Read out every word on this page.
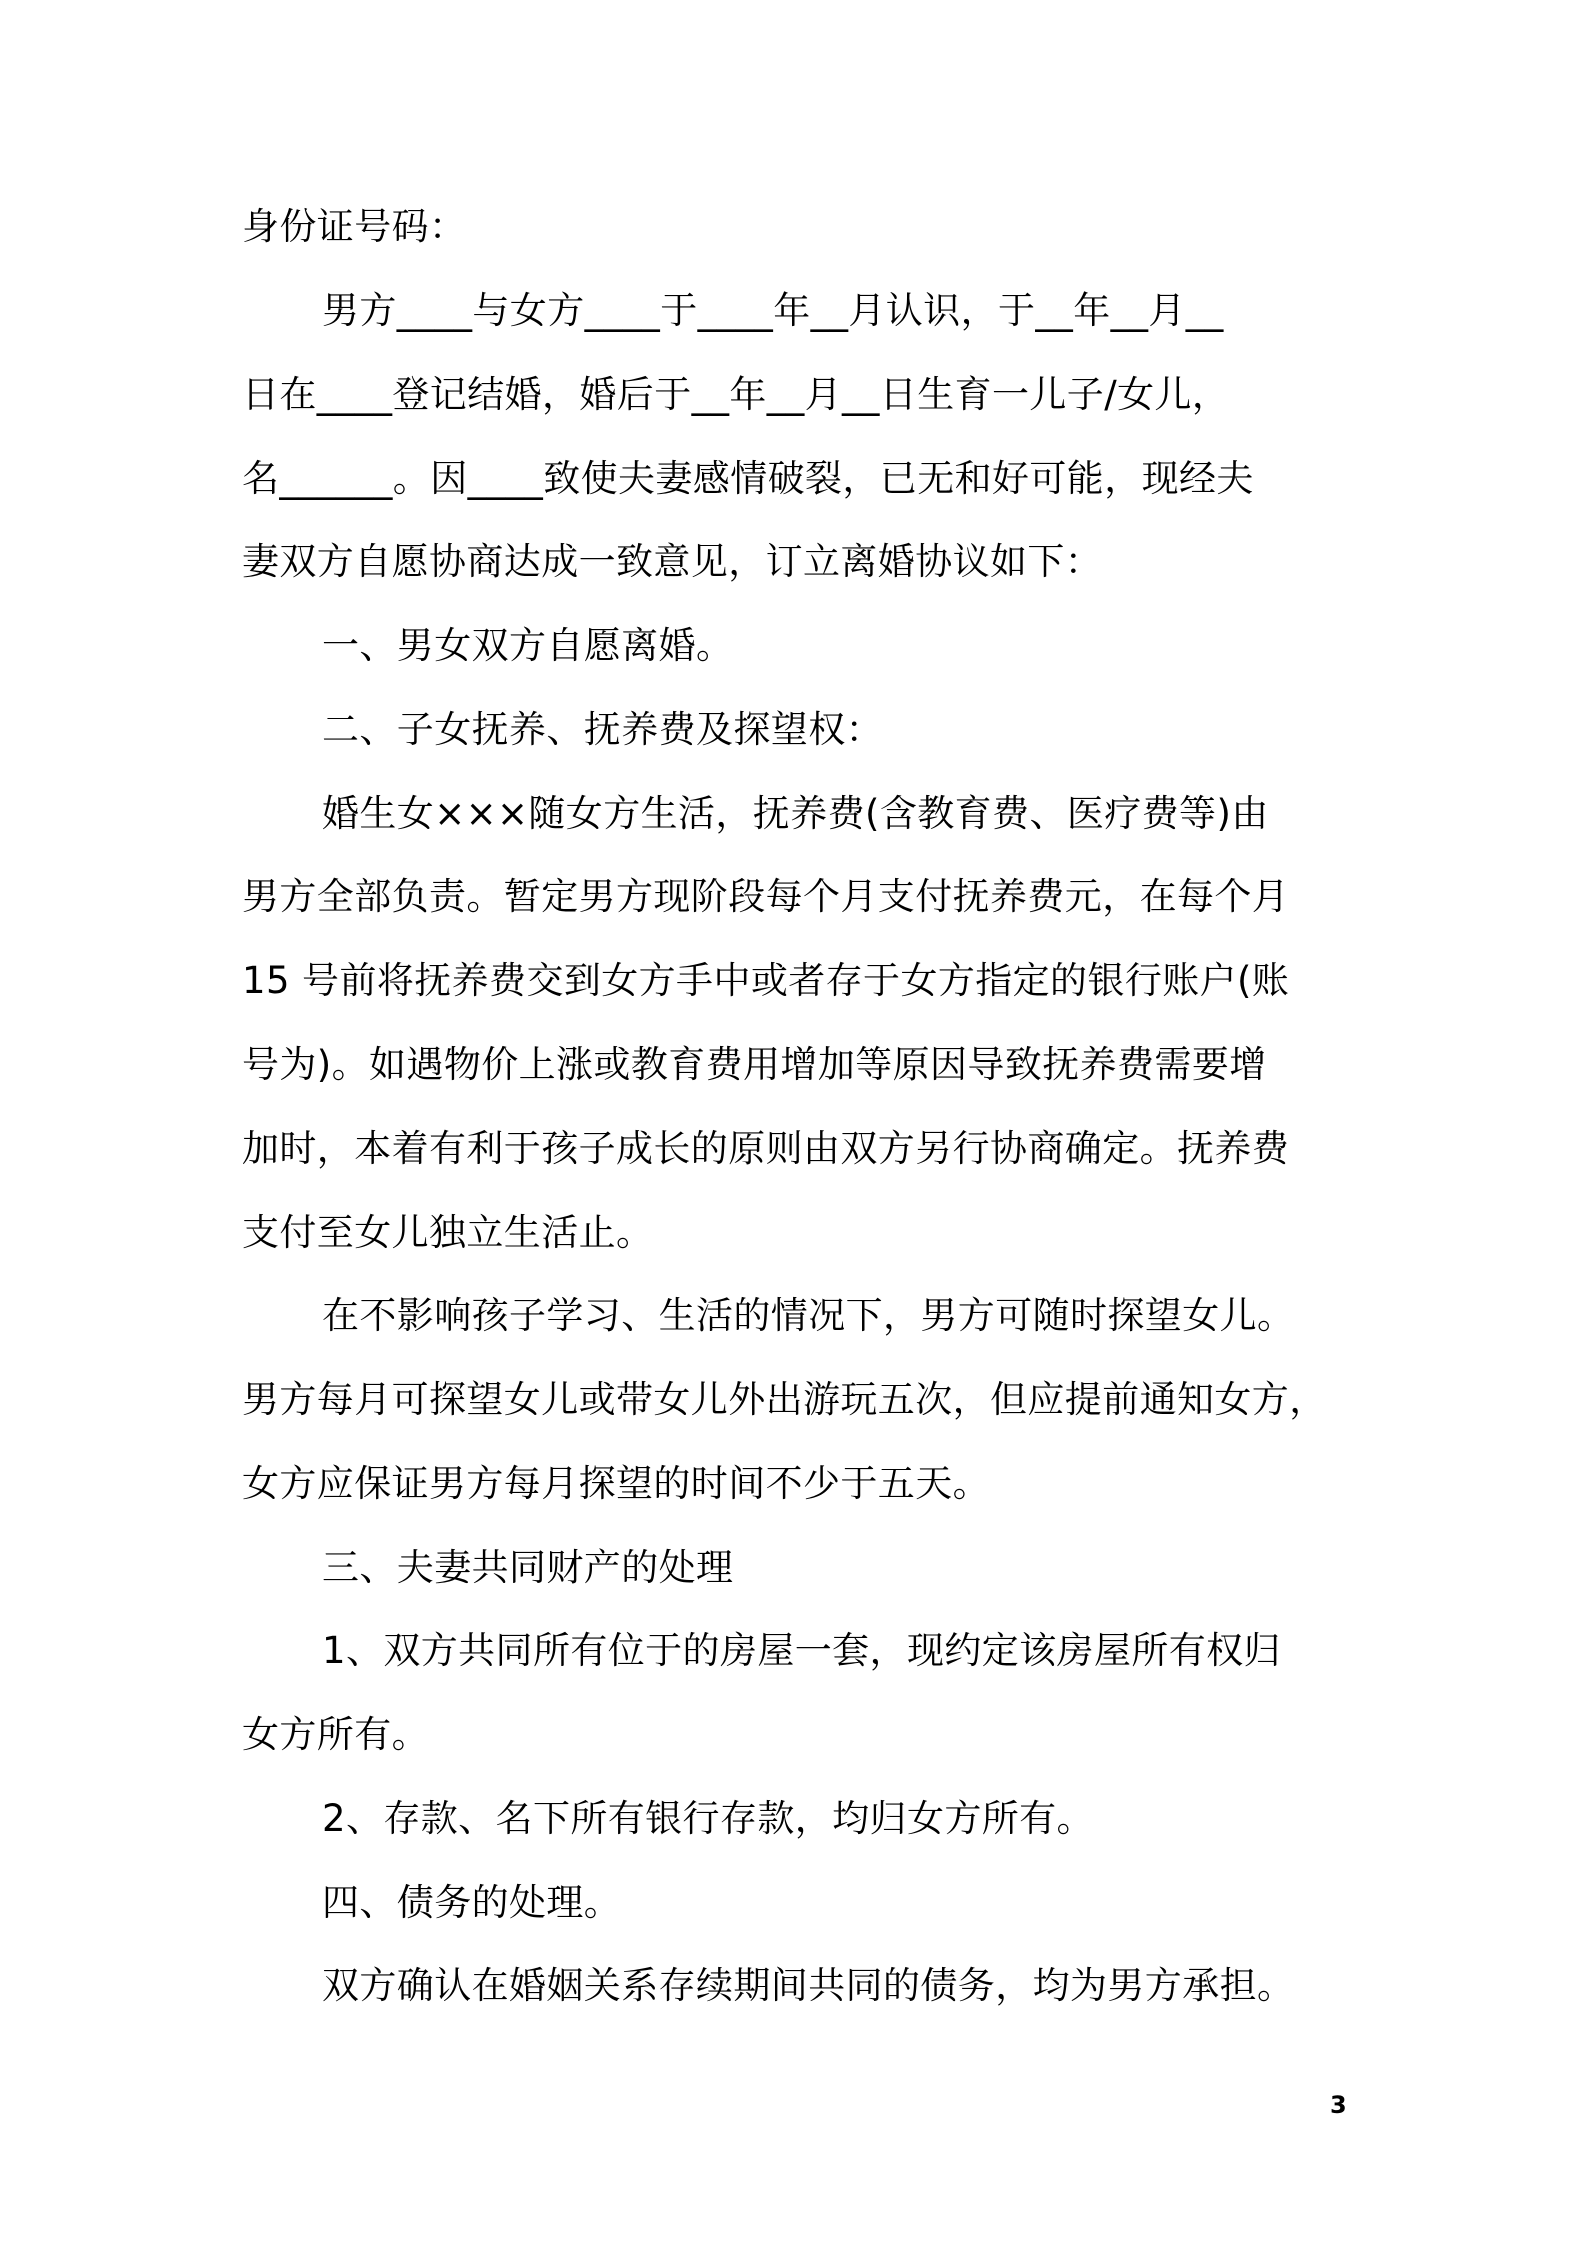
身份证号码：
男方____与女方____于____年__月认识，于__年__月__
日在____登记结婚，婚后于__年__月__日生育一儿子/女儿，
名______。因____致使夫妻感情破裂，已无和好可能，现经夫
妻双方自愿协商达成一致意见，订立离婚协议如下：
一、男女双方自愿离婚。
二、子女抚养、抚养费及探望权：
婚生女×××随女方生活，抚养费(含教育费、医疗费等)由
男方全部负责。暂定男方现阶段每个月支付抚养费元，在每个月
15 号前将抚养费交到女方手中或者存于女方指定的银行账户(账
号为)。如遇物价上涨或教育费用增加等原因导致抚养费需要增
加时，本着有利于孩子成长的原则由双方另行协商确定。抚养费
支付至女儿独立生活止。
在不影响孩子学习、生活的情况下，男方可随时探望女儿。
男方每月可探望女儿或带女儿外出游玩五次，但应提前通知女方，
女方应保证男方每月探望的时间不少于五天。
三、夫妻共同财产的处理
1、双方共同所有位于的房屋一套，现约定该房屋所有权归
女方所有。
2、存款、名下所有银行存款，均归女方所有。
四、债务的处理。
双方确认在婚姻关系存续期间共同的债务，均为男方承担。
3
